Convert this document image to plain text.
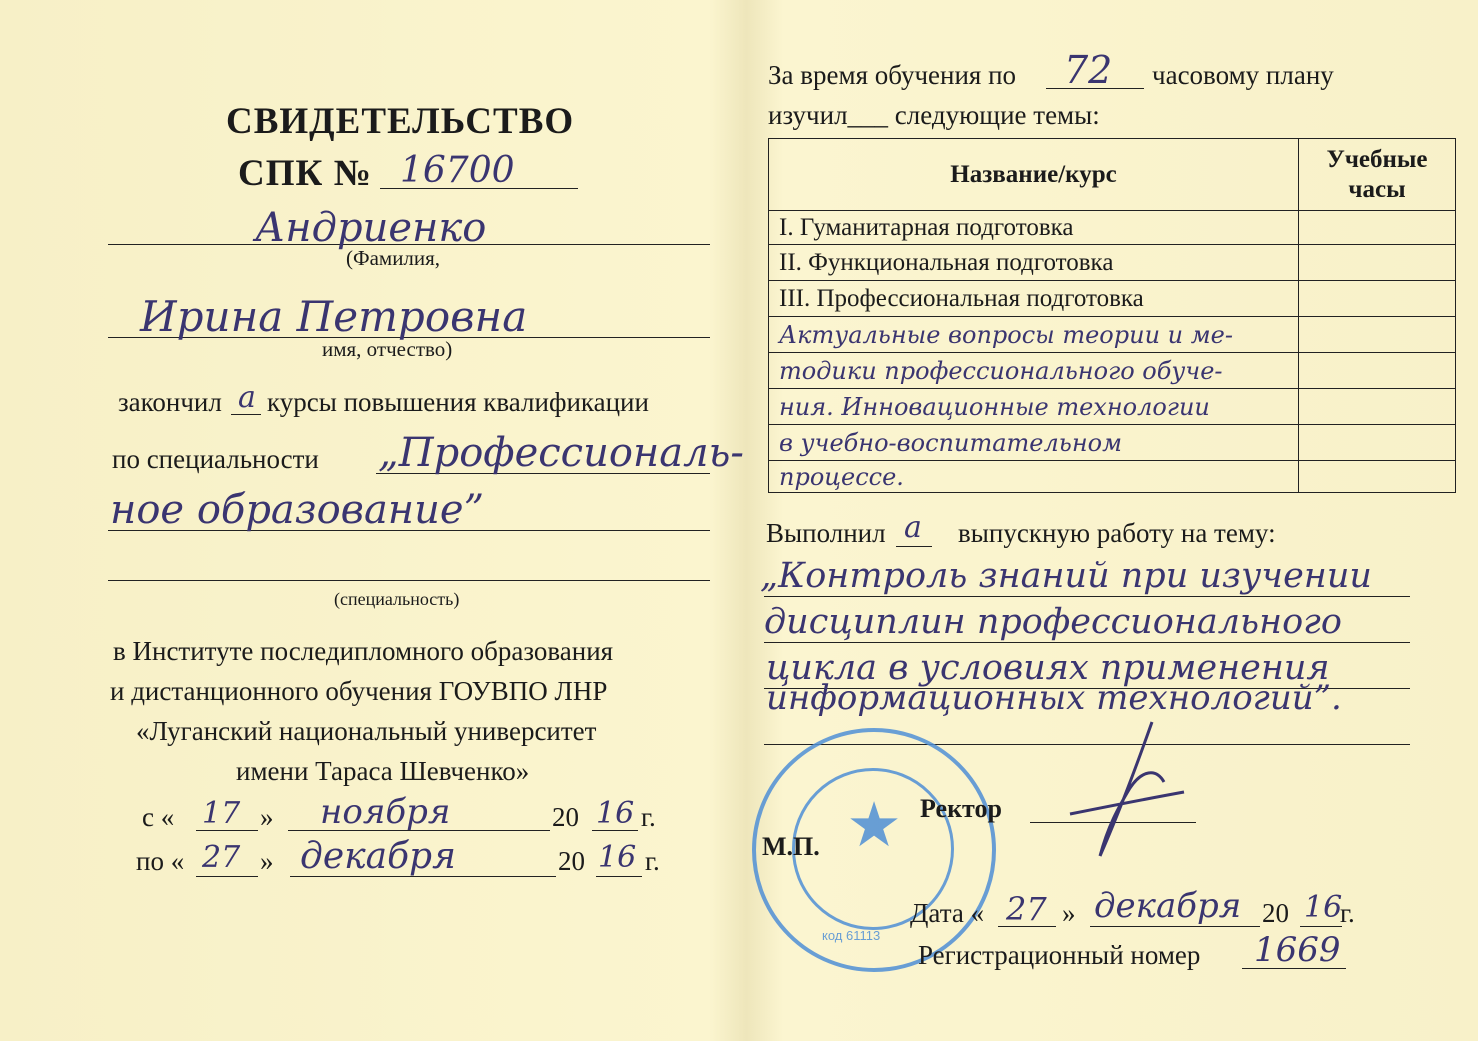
СВИДЕТЕЛЬСТВО
СПК № 16700
Андриенко
(Фамилия,
Ирина Петровна
имя, отчество)
закончил а курсы повышения квалификации
по специальности „Профессиональ-
ное образование”
(специальность)
в Институте последипломного образования
и дистанционного обучения ГОУВПО ЛНР
«Луганский национальный университет
имени Тараса Шевченко»
с « 17 » ноября	20 16 г.
по « 27 » декабря	20 16 г.
За время обучения по 72 часовому плану
изучил___ следующие темы:
Название/курс	Учебные
часы
I. Гуманитарная подготовка	
II. Функциональная подготовка	
III. Профессиональная подготовка	
Актуальные вопросы теории и ме-	
тодики профессионального обуче-	
ния. Инновационные технологии	
в учебно-воспитательном	
процессе.	
Выполнил а выпускную работу на тему:
„Контроль знаний при изучении
дисциплин профессионального
цикла в условиях применения
информационных технологий”.
★
код 61113
Ректор
М.П.
Дата « 27 » декабря 20 16
г.
Регистрационный номер 1669
